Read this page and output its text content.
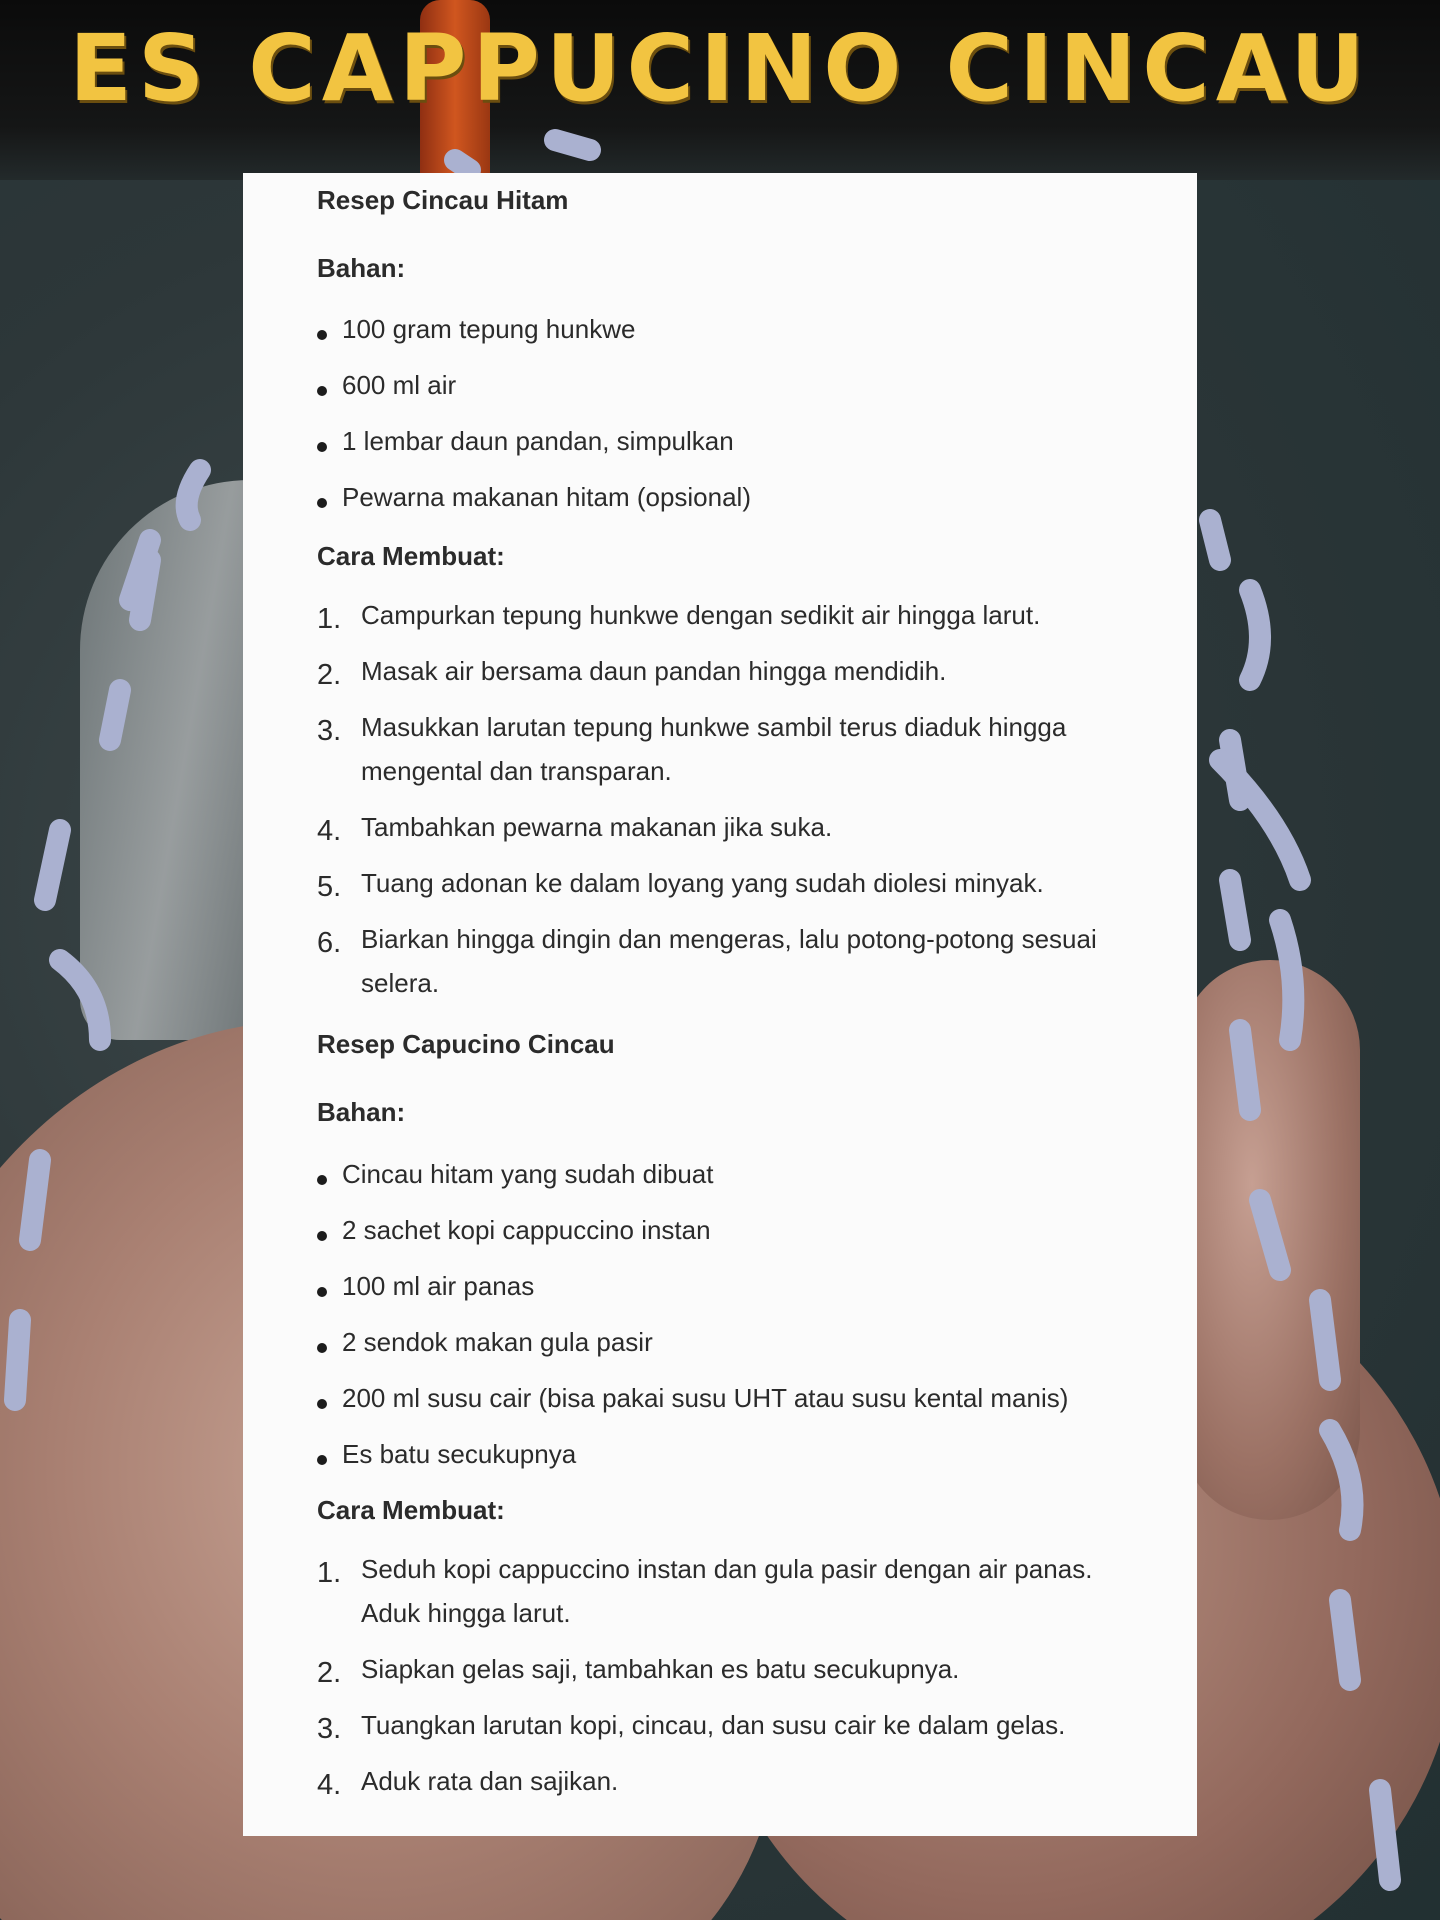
ES CAPPUCINO CINCAU
Resep Cincau Hitam
Bahan:
100 gram tepung hunkwe
600 ml air
1 lembar daun pandan, simpulkan
Pewarna makanan hitam (opsional)
Cara Membuat:
1. Campurkan tepung hunkwe dengan sedikit air hingga larut.
2. Masak air bersama daun pandan hingga mendidih.
3. Masukkan larutan tepung hunkwe sambil terus diaduk hingga mengental dan transparan.
4. Tambahkan pewarna makanan jika suka.
5. Tuang adonan ke dalam loyang yang sudah diolesi minyak.
6. Biarkan hingga dingin dan mengeras, lalu potong-potong sesuai selera.
Resep Capucino Cincau
Bahan:
Cincau hitam yang sudah dibuat
2 sachet kopi cappuccino instan
100 ml air panas
2 sendok makan gula pasir
200 ml susu cair (bisa pakai susu UHT atau susu kental manis)
Es batu secukupnya
Cara Membuat:
1. Seduh kopi cappuccino instan dan gula pasir dengan air panas. Aduk hingga larut.
2. Siapkan gelas saji, tambahkan es batu secukupnya.
3. Tuangkan larutan kopi, cincau, dan susu cair ke dalam gelas.
4. Aduk rata dan sajikan.
